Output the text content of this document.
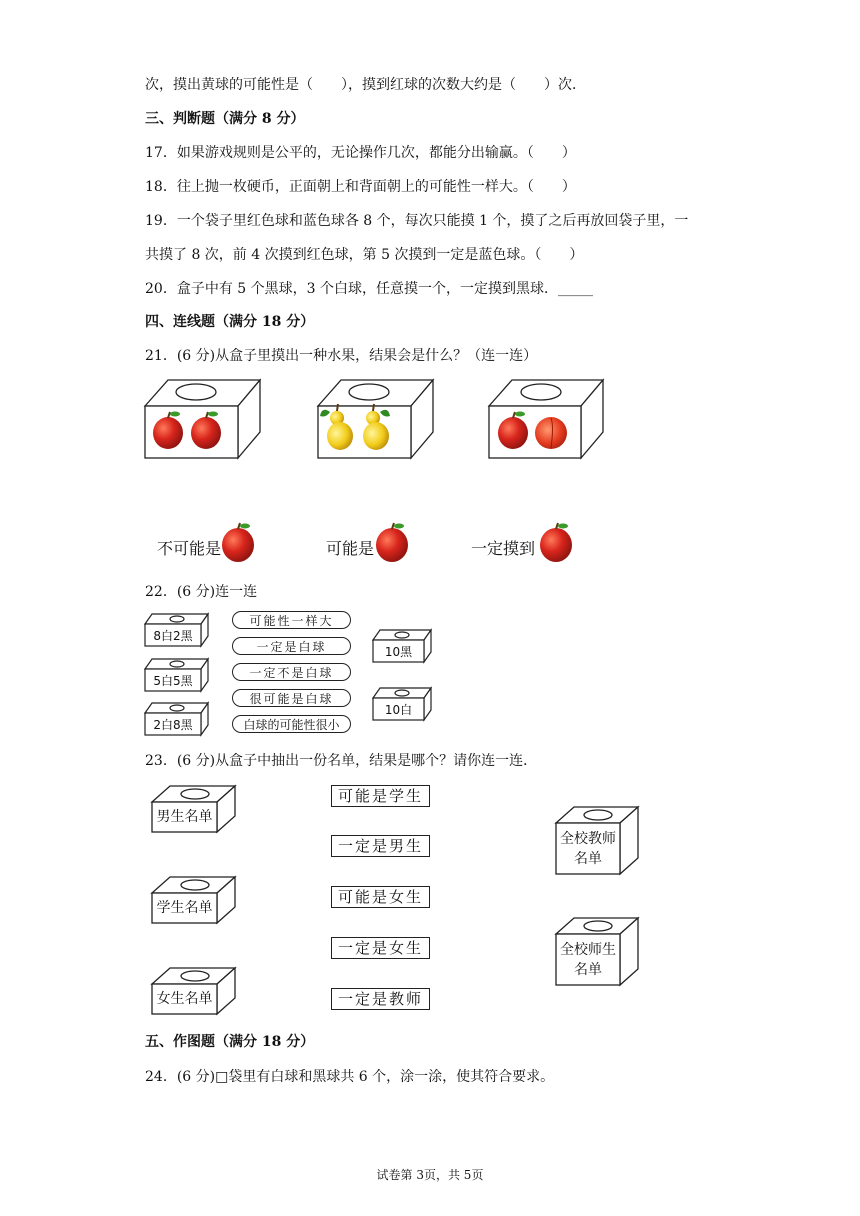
次，摸出黄球的可能性是（　　），摸到红球的次数大约是（　　）次．
三、判断题（满分 8 分）
17．如果游戏规则是公平的，无论操作几次，都能分出输赢。（　　）
18．往上抛一枚硬币，正面朝上和背面朝上的可能性一样大。（　　）
19．一个袋子里红色球和蓝色球各 8 个，每次只能摸 1 个，摸了之后再放回袋子里，一
共摸了 8 次，前 4 次摸到红色球，第 5 次摸到一定是蓝色球。（　　）
20．盒子中有 5 个黑球，3 个白球，任意摸一个，一定摸到黑球．_____
四、连线题（满分 18 分）
21．(6 分)从盒子里摸出一种水果，结果会是什么？（连一连）
22．(6 分)连一连
23．(6 分)从盒子中抽出一份名单，结果是哪个？请你连一连．
五、作图题（满分 18 分）
24．(6 分)□袋里有白球和黑球共 6 个，涂一涂，使其符合要求。
不可能是	可能是	一定摸到
8白2黑
5白5黑
2白8黑
10黑
10白
可能性一样大
一定是白球
一定不是白球
很可能是白球
白球的可能性很小
男生名单
学生名单
女生名单
全校教师
名单
全校师生
名单
可能是学生
一定是男生
可能是女生
一定是女生
一定是教师
试卷第 3页，共 5页
